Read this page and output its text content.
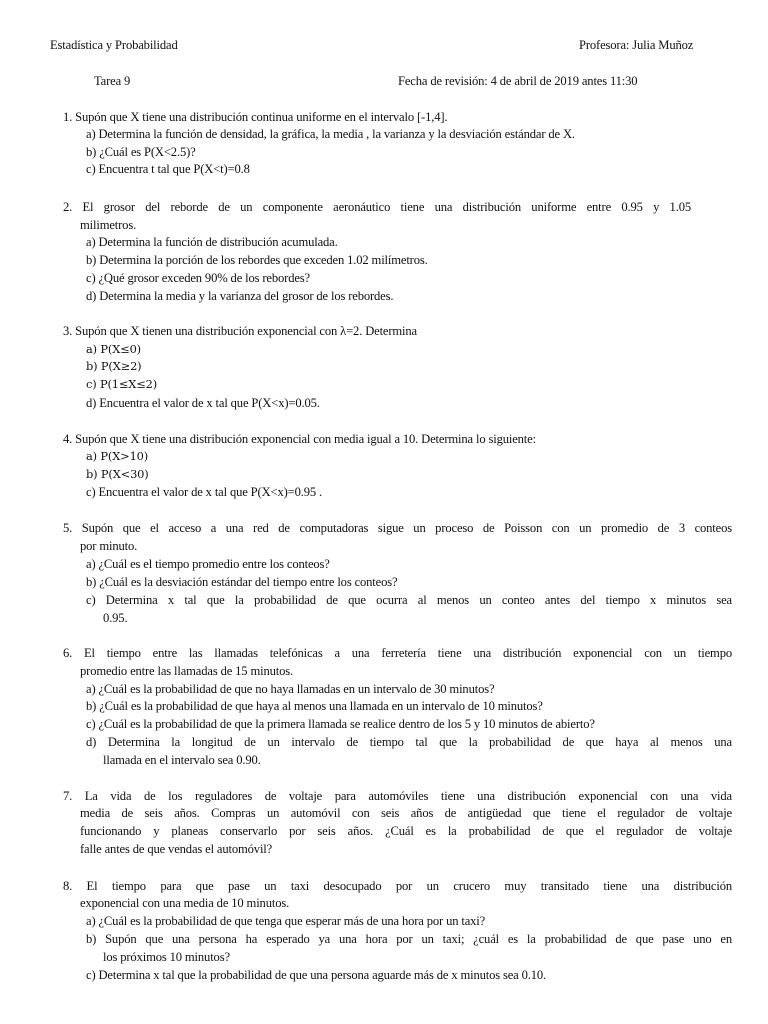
Estadística y Probabilidad	Profesora: Julia Muñoz
Tarea 9	Fecha de revisión: 4 de abril de 2019 antes 11:30
1. Supón que X tiene una distribución continua uniforme en el intervalo [-1,4].
a) Determina la función de densidad, la gráfica, la media , la varianza y la desviación estándar de X.
b) ¿Cuál es P(X<2.5)?
c) Encuentra t tal que P(X<t)=0.8
2. El grosor del reborde de un componente aeronáutico tiene una distribución uniforme entre 0.95 y 1.05
milimetros.
a) Determina la función de distribución acumulada.
b) Determina la porción de los rebordes que exceden 1.02 milímetros.
c) ¿Qué grosor exceden 90% de los rebordes?
d) Determina la media y la varianza del grosor de los rebordes.
3. Supón que X tienen una distribución exponencial con λ=2. Determina
a) P(X≤0)
b) P(X≥2)
c) P(1≤X≤2)
d) Encuentra el valor de x tal que P(X<x)=0.05.
4. Supón que X tiene una distribución exponencial con media igual a 10. Determina lo siguiente:
a) P(X>10)
b) P(X<30)
c) Encuentra el valor de x tal que P(X<x)=0.95 .
5. Supón que el acceso a una red de computadoras sigue un proceso de Poisson con un promedio de 3 conteos
por minuto.
a) ¿Cuál es el tiempo promedio entre los conteos?
b) ¿Cuál es la desviación estándar del tiempo entre los conteos?
c) Determina x tal que la probabilidad de que ocurra al menos un conteo antes del tiempo x minutos sea
0.95.
6. El tiempo entre las llamadas telefónicas a una ferretería tiene una distribución exponencial con un tiempo
promedio entre las llamadas de 15 minutos.
a) ¿Cuál es la probabilidad de que no haya llamadas en un intervalo de 30 minutos?
b) ¿Cuál es la probabilidad de que haya al menos una llamada en un intervalo de 10 minutos?
c) ¿Cuál es la probabilidad de que la primera llamada se realice dentro de los 5 y 10 minutos de abierto?
d) Determina la longitud de un intervalo de tiempo tal que la probabilidad de que haya al menos una
llamada en el intervalo sea 0.90.
7. La vida de los reguladores de voltaje para automóviles tiene una distribución exponencial con una vida
media de seis años. Compras un automóvil con seis años de antigüedad que tiene el regulador de voltaje
funcionando y planeas conservarlo por seis años. ¿Cuál es la probabilidad de que el regulador de voltaje
falle antes de que vendas el automóvil?
8. El tiempo para que pase un taxi desocupado por un crucero muy transitado tiene una distribución
exponencial con una media de 10 minutos.
a) ¿Cuál es la probabilidad de que tenga que esperar más de una hora por un taxi?
b) Supón que una persona ha esperado ya una hora por un taxi; ¿cuál es la probabilidad de que pase uno en
los próximos 10 minutos?
c) Determina x tal que la probabilidad de que una persona aguarde más de x minutos sea 0.10.
